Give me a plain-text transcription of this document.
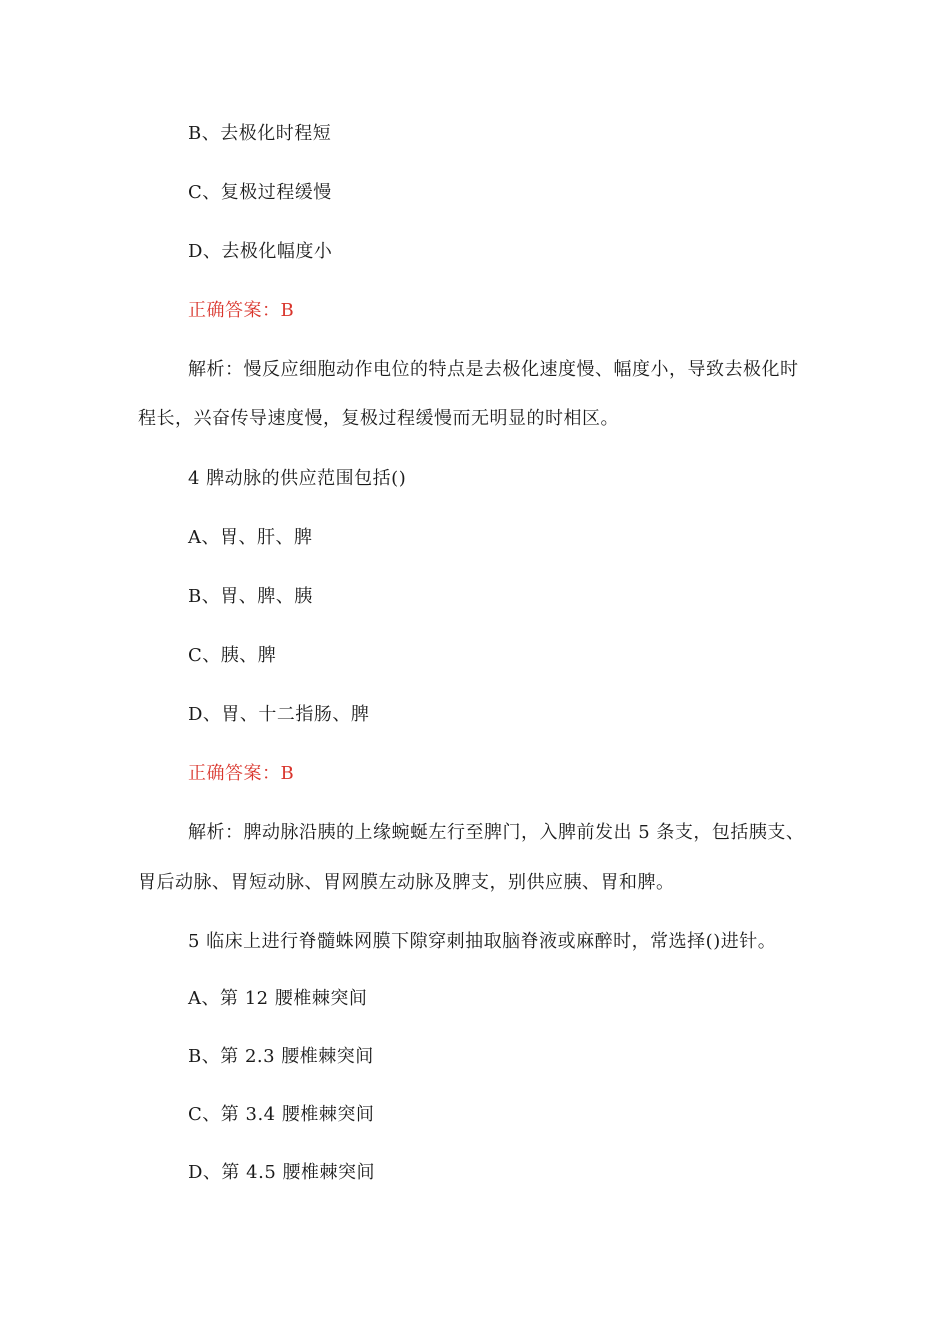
B、去极化时程短
C、复极过程缓慢
D、去极化幅度小
正确答案：B
解析：慢反应细胞动作电位的特点是去极化速度慢、幅度小，导致去极化时
程长，兴奋传导速度慢，复极过程缓慢而无明显的时相区。
4 脾动脉的供应范围包括()
A、胃、肝、脾
B、胃、脾、胰
C、胰、脾
D、胃、十二指肠、脾
正确答案：B
解析：脾动脉沿胰的上缘蜿蜒左行至脾门，入脾前发出 5 条支，包括胰支、
胃后动脉、胃短动脉、胃网膜左动脉及脾支，别供应胰、胃和脾。
5 临床上进行脊髓蛛网膜下隙穿刺抽取脑脊液或麻醉时，常选择()进针。
A、第 12 腰椎棘突间
B、第 2.3 腰椎棘突间
C、第 3.4 腰椎棘突间
D、第 4.5 腰椎棘突间
